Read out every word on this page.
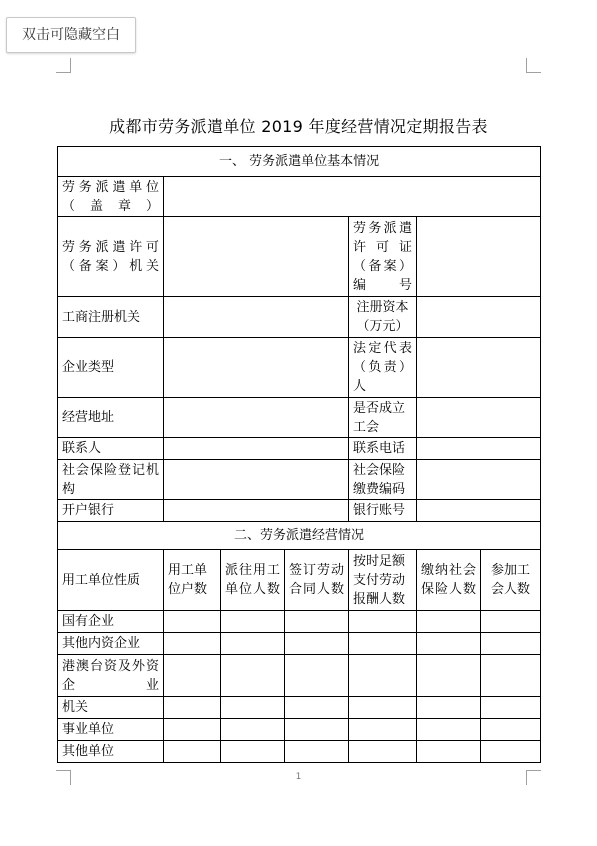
双击可隐藏空白
成都市劳务派遣单位 2019 年度经营情况定期报告表
一、 劳务派遣单位基本情况						
劳务派遣单位（盖章）						
劳务派遣许可（备案）机关				劳务派遣许 可 证（备案）编号		
工商注册机关				注册资本（万元）		
企业类型				法定代表（负责）人		
经营地址				是否成立工会		
联系人				联系电话		
社会保险登记机构				社会保险缴费编码		
开户银行				银行账号		
二、劳务派遣经营情况						
用工单位性质	用工单位户数	派往用工单位人数	签订劳动合同人数	按时足额支付劳动报酬人数	缴纳社会保险人数	参加工会人数
国有企业						
其他内资企业						
港澳台资及外资企业						
机关						
事业单位						
其他单位						
1
